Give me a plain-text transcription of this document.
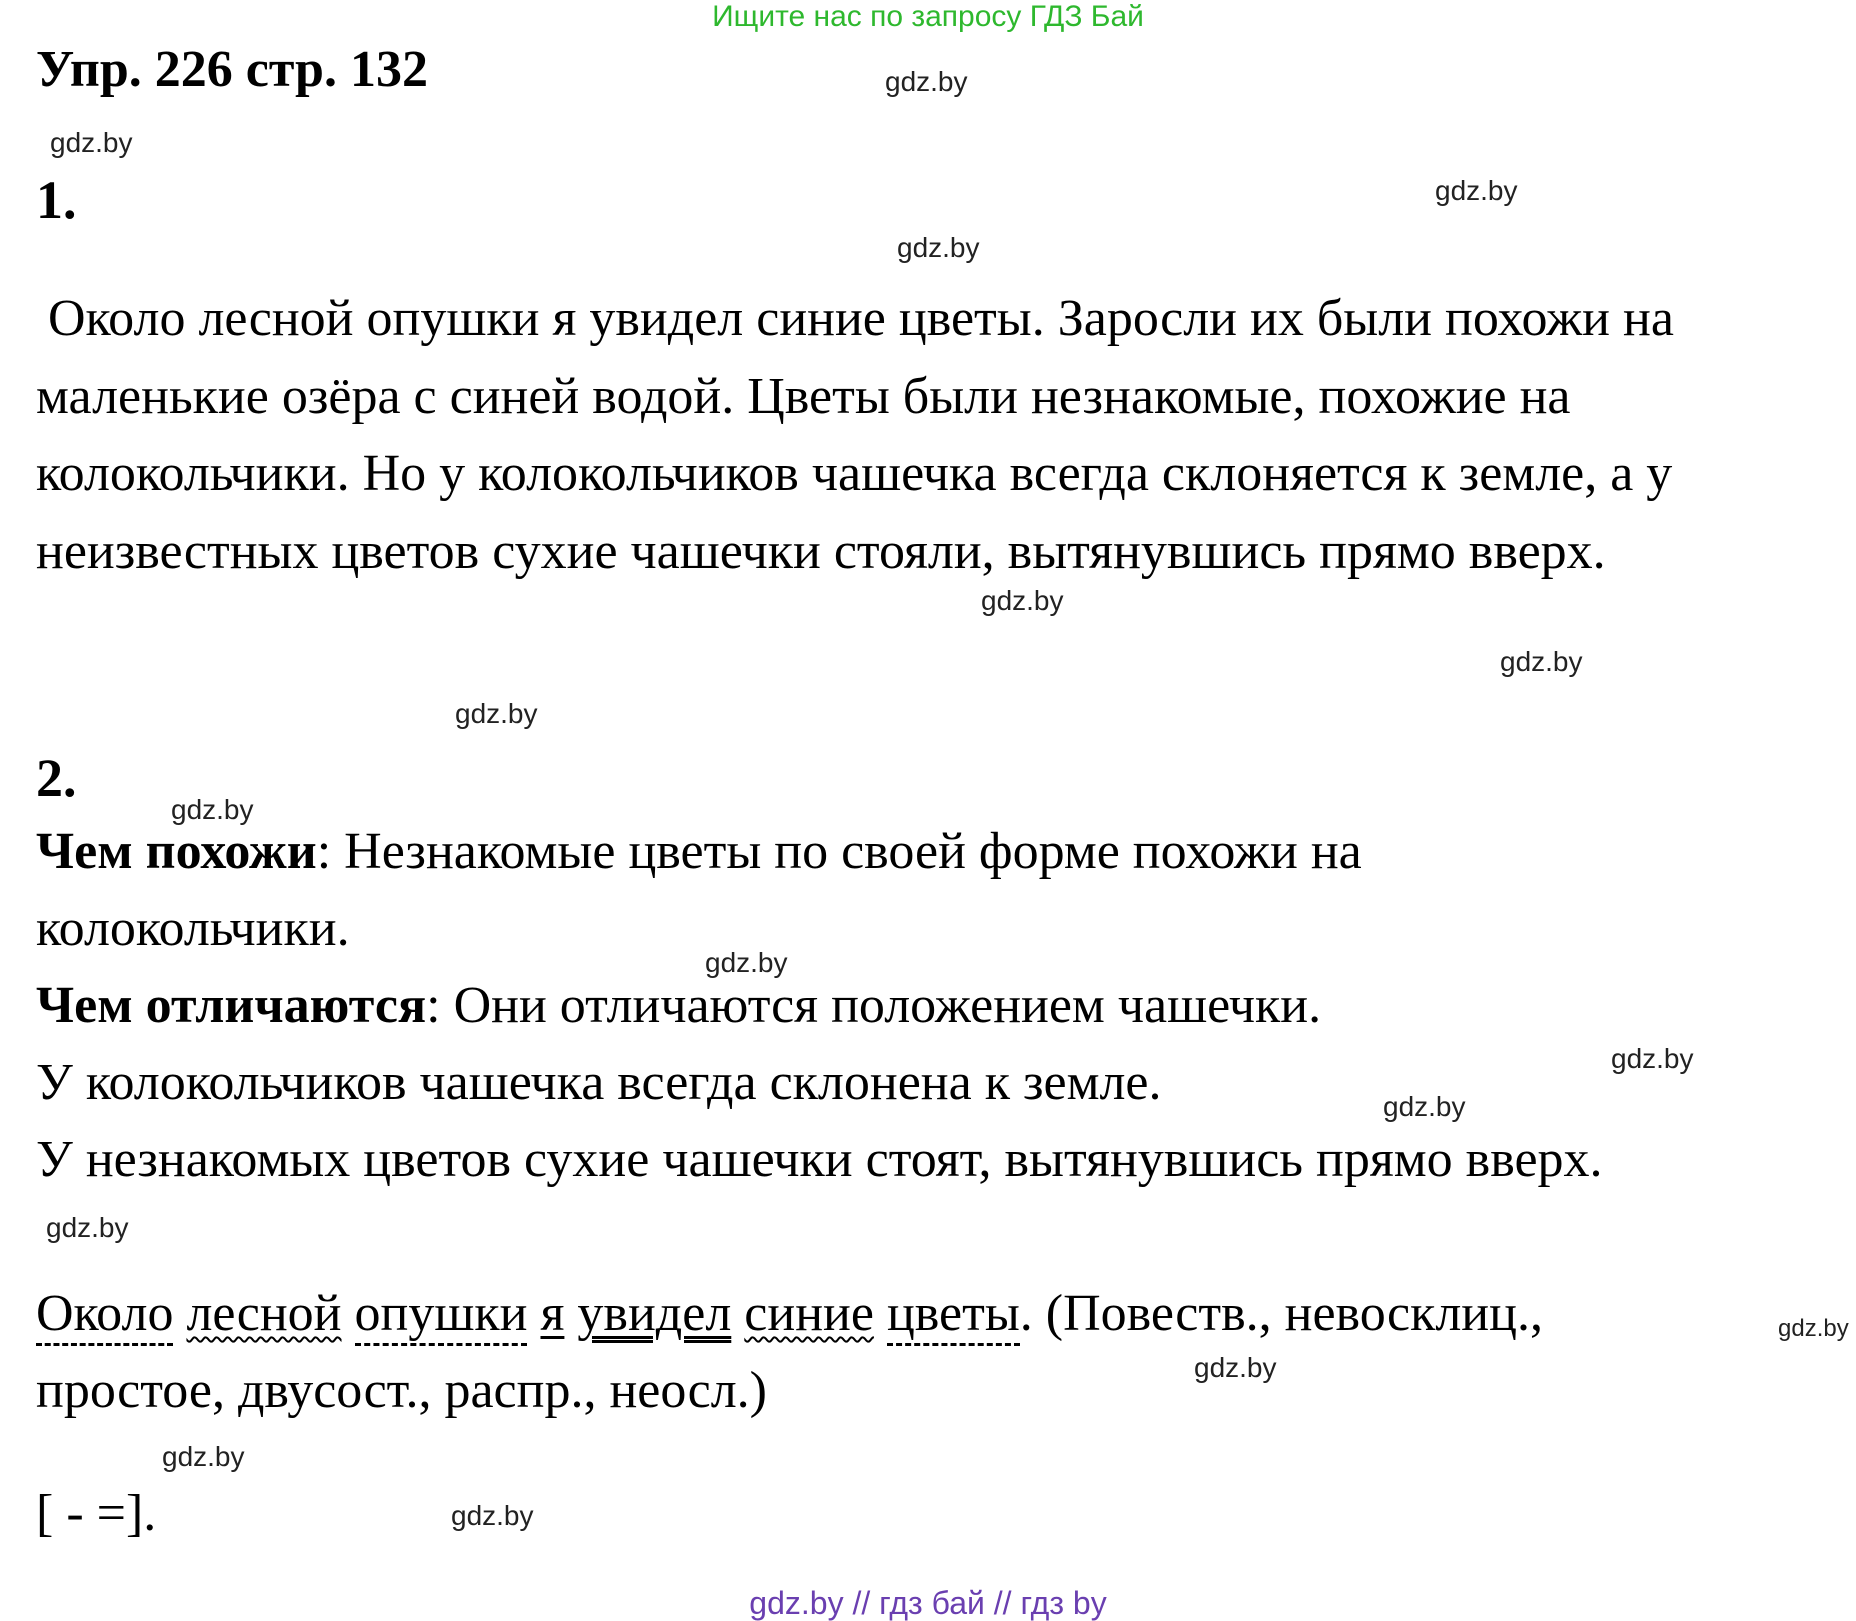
Ищите нас по запросу ГДЗ Бай
Упр. 226 стр. 132
1.

Около лесной опушки я увидел синие цветы. Заросли их были похожи на маленькие озёра с синей водой. Цветы были незнакомые, похожие на колокольчики. Но у колокольчиков чашечка всегда склоняется к земле, а у неизвестных цветов сухие чашечки стояли, вытянувшись прямо вверх.

2.
Чем похожи: Незнакомые цветы по своей форме похожи на
колокольчики.
Чем отличаются: Они отличаются положением чашечки.
У колокольчиков чашечка всегда склонена к земле.
У незнакомых цветов сухие чашечки стоят, вытянувшись прямо вверх.
Около лесной опушки я увидел синие цветы. (Повеств., невосклиц.,
простое, двусост., распр., неосл.)
[ - =].
gdz.by
gdz.by
gdz.by
gdz.by
gdz.by
gdz.by
gdz.by
gdz.by
gdz.by
gdz.by
gdz.by
gdz.by
gdz.by
gdz.by
gdz.by
gdz.by
gdz.by // гдз бай // гдз by
